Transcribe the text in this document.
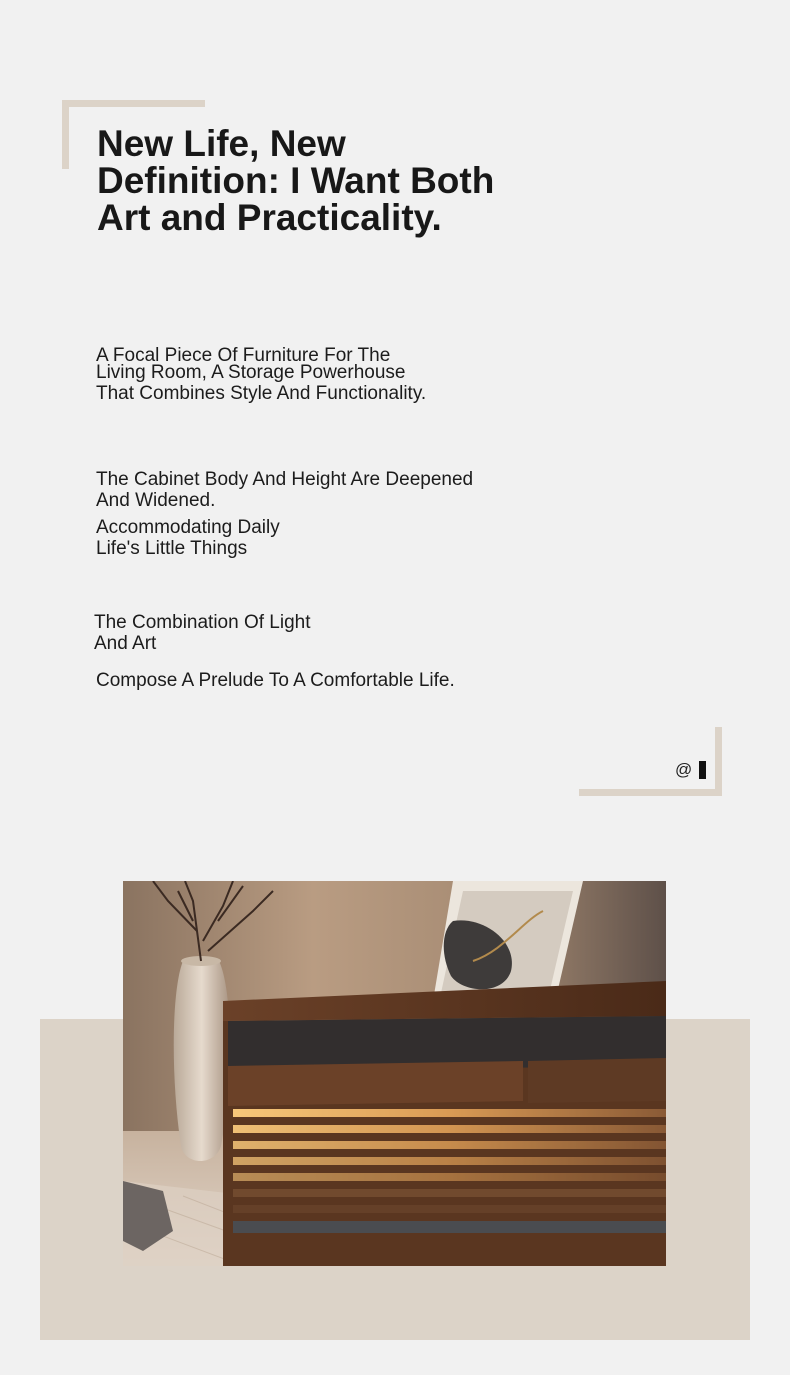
New Life, New
Definition: I Want Both
Art and Practicality.

A Focal Piece Of Furniture For The
Living Room, A Storage Powerhouse
That Combines Style And Functionality.

The Cabinet Body And Height Are Deepened
And Widened.

Accommodating Daily
Life's Little Things

The Combination Of Light
And Art

Compose A Prelude To A Comfortable Life.

@
